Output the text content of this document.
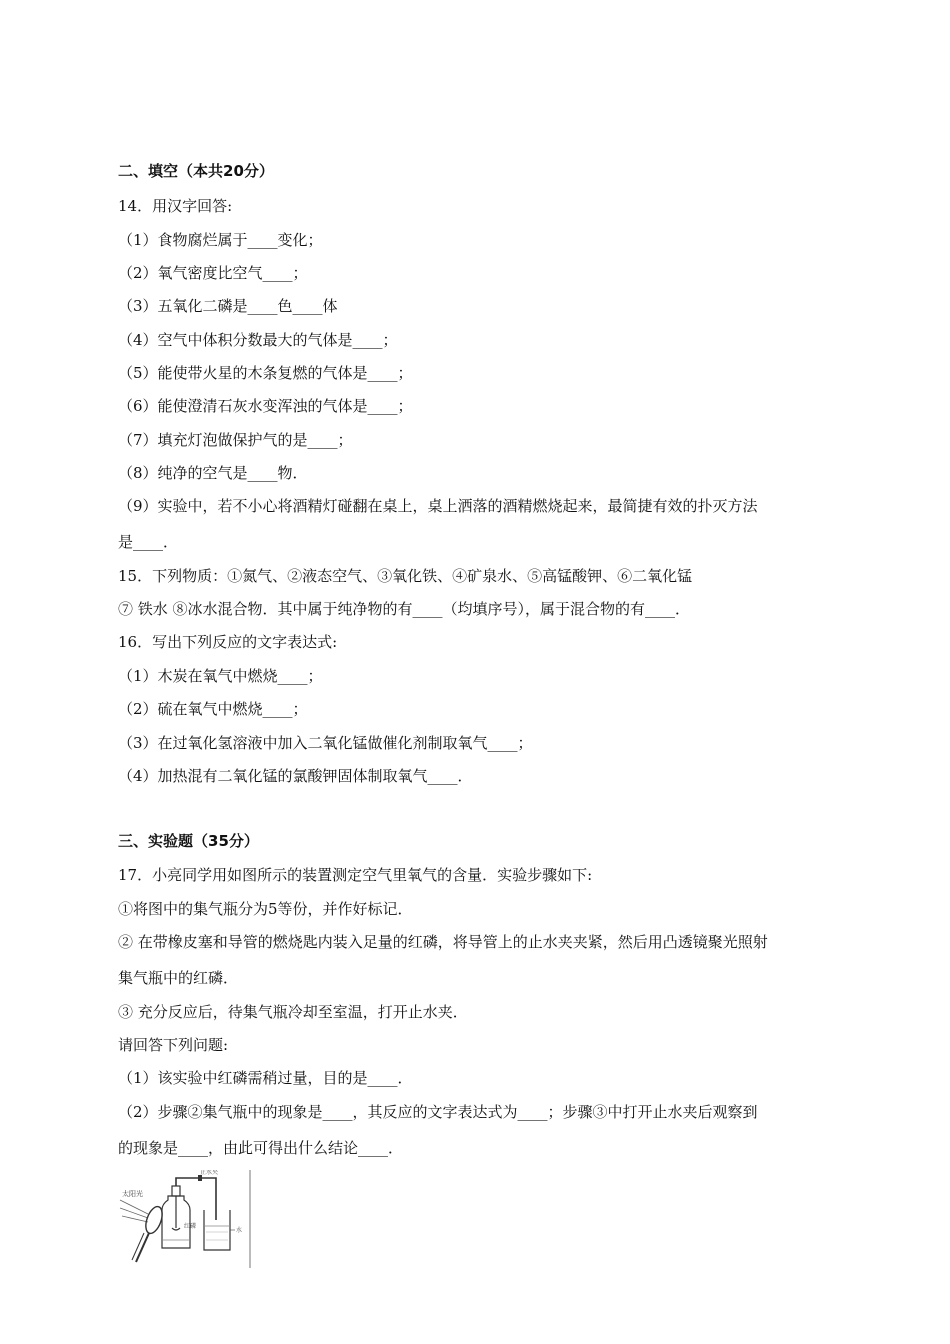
二、填空（本共20分）
14．用汉字回答:
（1）食物腐烂属于____变化；
（2）氧气密度比空气____；
（3）五氧化二磷是____色____体
（4）空气中体积分数最大的气体是____；
（5）能使带火星的木条复燃的气体是____；
（6）能使澄清石灰水变浑浊的气体是____；
（7）填充灯泡做保护气的是____；
（8）纯净的空气是____物．
（9）实验中，若不小心将酒精灯碰翻在桌上，桌上洒落的酒精燃烧起来，最简捷有效的扑灭方法
是____．
15．下列物质：①氮气、②液态空气、③氧化铁、④矿泉水、⑤高锰酸钾、⑥二氧化锰
⑦ 铁水 ⑧冰水混合物．其中属于纯净物的有____（均填序号），属于混合物的有____．
16．写出下列反应的文字表达式:
（1）木炭在氧气中燃烧____；
（2）硫在氧气中燃烧____；
（3）在过氧化氢溶液中加入二氧化锰做催化剂制取氧气____；
（4）加热混有二氧化锰的氯酸钾固体制取氧气____．
三、实验题（35分）
17．小亮同学用如图所示的装置测定空气里氧气的含量．实验步骤如下:
①将图中的集气瓶分为5等份，并作好标记．
② 在带橡皮塞和导管的燃烧匙内装入足量的红磷，将导管上的止水夹夹紧，然后用凸透镜聚光照射
集气瓶中的红磷．
③ 充分反应后，待集气瓶冷却至室温，打开止水夹．
请回答下列问题:
（1）该实验中红磷需稍过量，目的是____．
（2）步骤②集气瓶中的现象是____，其反应的文字表达式为____；步骤③中打开止水夹后观察到
的现象是____，由此可得出什么结论____．
太阳光
红磷
止水夹
水
